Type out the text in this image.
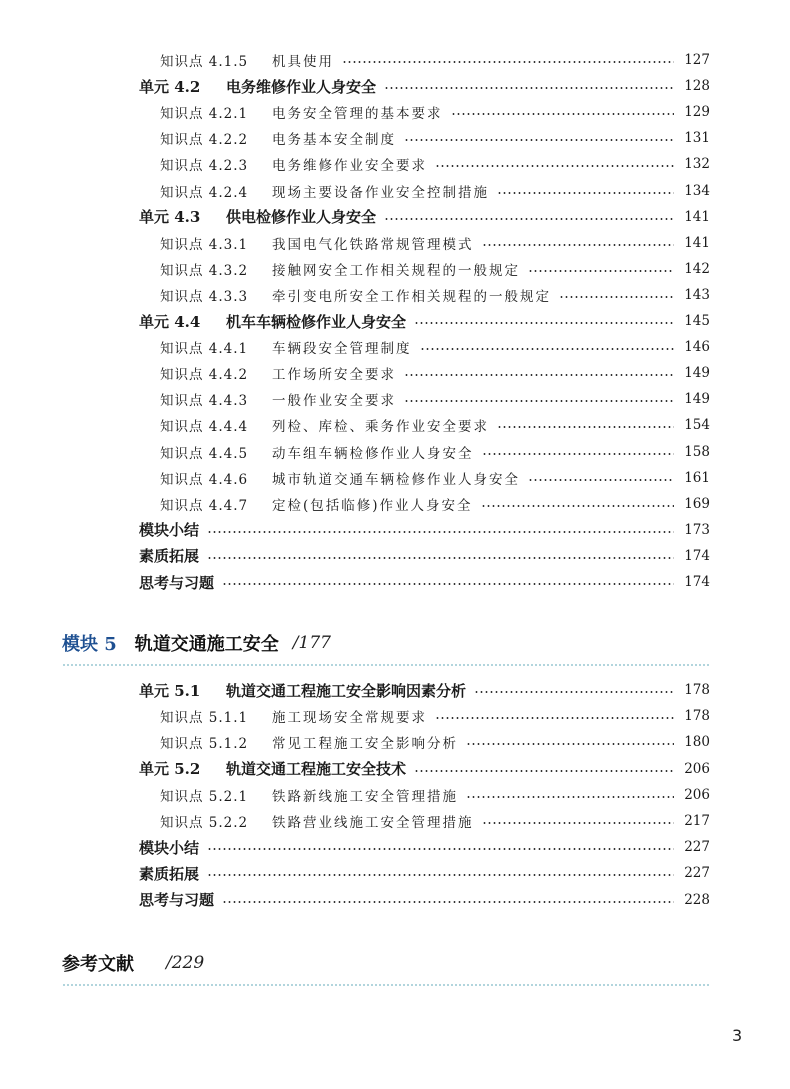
知识点 4.1.5	机具使用	127
单元 4.2	电务维修作业人身安全	128
知识点 4.2.1	电务安全管理的基本要求	129
知识点 4.2.2	电务基本安全制度	131
知识点 4.2.3	电务维修作业安全要求	132
知识点 4.2.4	现场主要设备作业安全控制措施	134
单元 4.3	供电检修作业人身安全	141
知识点 4.3.1	我国电气化铁路常规管理模式	141
知识点 4.3.2	接触网安全工作相关规程的一般规定	142
知识点 4.3.3	牵引变电所安全工作相关规程的一般规定	143
单元 4.4	机车车辆检修作业人身安全	145
知识点 4.4.1	车辆段安全管理制度	146
知识点 4.4.2	工作场所安全要求	149
知识点 4.4.3	一般作业安全要求	149
知识点 4.4.4	列检、库检、乘务作业安全要求	154
知识点 4.4.5	动车组车辆检修作业人身安全	158
知识点 4.4.6	城市轨道交通车辆检修作业人身安全	161
知识点 4.4.7	定检(包括临修)作业人身安全	169
模块小结	173
素质拓展	174
思考与习题	174
模块 5 轨道交通施工安全 /177
单元 5.1	轨道交通工程施工安全影响因素分析	178
知识点 5.1.1	施工现场安全常规要求	178
知识点 5.1.2	常见工程施工安全影响分析	180
单元 5.2	轨道交通工程施工安全技术	206
知识点 5.2.1	铁路新线施工安全管理措施	206
知识点 5.2.2	铁路营业线施工安全管理措施	217
模块小结	227
素质拓展	227
思考与习题	228
参考文献 /229
3
